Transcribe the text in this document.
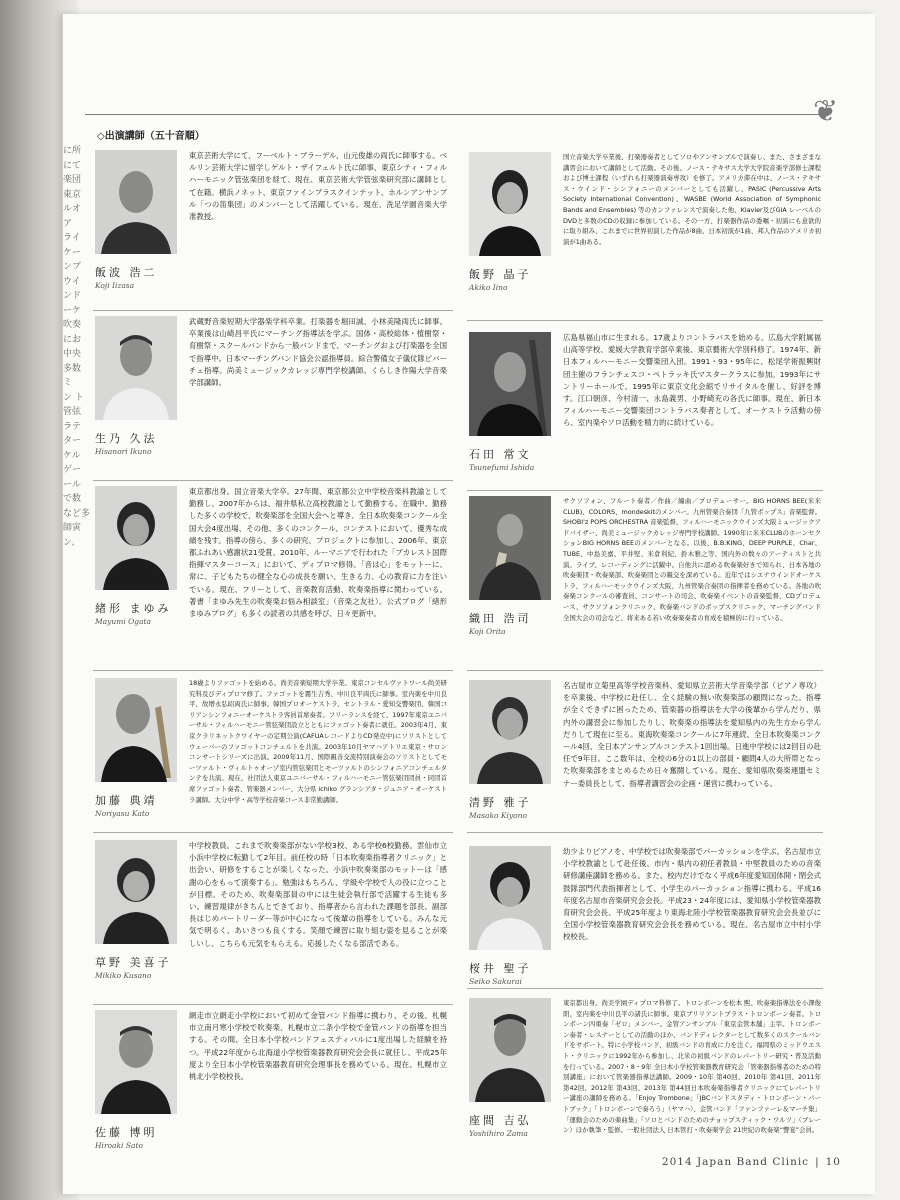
に所
にて
楽団
東京
ルオ
ア
ライ
ケー
ンブ
ウイ
ンド
ーケ
吹奏
にお
中央
多数
ミ
ン ト
管弦
ラテ
ター
ケル
ゲー
ール
で数
など多
師寅
ン、
❦
◇出演講師（五十音順）
飯波 浩二
Koji Iizasa
東京芸術大学にて、フーベルト・ブラーデル、山元俊雄の両氏に師事する。ベルリン芸術大学に留学しゲルト・ザイフェルト氏に師事、東京シティ・フィルハーモニック管弦楽団を経て、現在、東京芸術大学管弦楽研究部に講師として在籍。横浜ノネット、東京ファインブラスクインテット、ホルンアンサンブル「つの笛集団」のメンバーとして活躍している。現在、洗足学園音楽大学准教授。
飯野 晶子
Akiko Iino
国立音楽大学卒業後、打楽器奏者としてソロやアンサンブルで演奏し、また、さまざまな講習会において講師として活動。その後、ノース・テキサス大学大学院音楽学部修士課程および博士課程（いずれも打楽器演奏専攻）を修了。アメリカ滞在中は、ノース・テキサス・ウインド・シンフォニーのメンバーとしても活躍し、PASIC (Percussive Arts Society International Convention)、WASBE (World Association of Symphonic Bands and Ensembles) 等のカンファレンスで演奏した他、Klavier及びGIA レーベルのDVDと多数のCDの収録に参加している。その一方、打楽器作品の委嘱・初演にも意欲的に取り組み、これまでに世界初演した作品が8曲、日本初演が1曲、邦人作品のアメリカ初演が1曲ある。
生乃 久法
Hisanori Ikuno
武蔵野音楽短期大学器楽学科卒業。打楽器を堀田誠、小林美隆両氏に師事。卒業後は山崎昌平氏にマーチング指導法を学ぶ。国体・高校総体・植樹祭・育樹祭・スクールバンドから一般バンドまで、マーチングおよび打楽器を全国で指導中。日本マーチングバンド協会公認指導員。綜合警備女子儀仗隊ピバーチェ指導。尚美ミュージックカレッジ専門学校講師。くらしき作陽大学音楽学部講師。
石田 常文
Tsunefumi Ishida
広島県福山市に生まれる。17歳よりコントラバスを始める。広島大学附属福山高等学校、愛媛大学教育学部卒業後、東京藝術大学別科修了。1974年、新日本フィルハーモニー交響楽団入団。1991・93・95年に、松尾学術振興財団主催のフランチェスコ・ペトラッキ氏マスタークラスに参加。1993年にサントリーホールで、1995年に東京文化会館でリサイタルを催し、好評を博す。江口朝彦、今村清一、永島義男、小野崎充の各氏に師事。現在、新日本フィルハーモニー交響楽団コントラバス奏者として、オーケストラ活動の傍ら、室内楽やソロ活動を精力的に続けている。
緒形 まゆみ
Mayumi Ogata
東京都出身。国立音楽大学卒。27年間、東京都公立中学校音楽科教諭として勤務し、2007年からは、福井県私立高校教諭として勤務する。在職中、勤務した多くの学校で、吹奏楽部を全国大会へと導き、全日本吹奏楽コンクール全国大会4度出場、その他、多くのコンクール、コンテストにおいて、優秀な成績を残す。指導の傍ら、多くの研究、プロジェクトに参加し、2006年、東京都ふれあい感謝状21受賞、2010年、ルーマニアで行われた「ブカレスト国際指揮マスターコース」において、ディプロマ修得。「音は心」をモットーに、常に、子どもたちの健全な心の成長を願い、生きる力、心の教育に力を注いでいる。現在、フリーとして、音楽教育活動、吹奏楽指導に関わっている。著書「まゆみ先生の吹奏楽お悩み相談室」（音楽之友社）。公式ブログ「緒形まゆみブログ」も多くの読者の共感を呼び、日々更新中。	織田 浩司
Koji Orita
サクソフォン、フルート奏者／作曲／編曲／プロデューサー。BIG HORNS BEE(米米CLUB)、COLORS、mondeskitのメンバー。九州管楽合奏団「九管ポップス」音楽監督。SHOBI'z POPS ORCHESTRA 音楽監督、フィルハーモニックウインズ大阪ミュージックアドバイザー、尚美ミュージックカレッジ専門学校講師。1990年に米米CLUBのホーンセクションBIG HORNS BEEのメンバーとなる。以後、B.B.KING、DEEP PURPLE、Char、TUBE、中島美嘉、平井堅、米倉利紀、鈴木雅之等、国内外の数々のアーティストと共演。ライブ、レコーディングに活躍中。自他共に認める吹奏楽好きで知られ、日本各地の吹奏楽団・吹奏楽部、吹奏楽団との親交を深めている。近年ではシエナウインドオーケストラ、フィルハーモックウインズ大阪、九州管楽合奏団の指揮者を務めている。各地の吹奏楽コンクールの審査員、コンサートの司会、吹奏楽イベントの音楽監督、CDプロデュース、サクソフォンクリニック、吹奏楽バンドのポップスクリニック、マーチングバンド全国大会の司会など、将来ある若い吹奏楽奏者の育成を積極的に行っている。
加藤 典靖
Noriyasu Kato
18歳よりファゴットを始める。尚美音楽短期大学卒業。東京コンセルヴァトワール尚美研究科及びディプロマ修了。ファゴットを霧生吉秀、中川良平両氏に師事。室内楽を中川良平、故増永弘昭両氏に師事。韓国プロオーケストラ、セントラル・愛知交響楽団、韓国コリアンシンフォニーオーケストラ客員首席奏者。フリーランスを経て、1997年東京ユニバーサル・フィルハーモニー管弦楽団設立とともにファゴット奏者に就任。2003年4月、東京クラリネットクワイヤーの定期公演(CAFUAレコードよりCD発売中)にソリストとしてウェーバーのファゴットコンチェルトを共演。2003年10月ヤマハアトリエ東京・サロンコンサートシリーズに出演。2009年11月、国際親善交流特別演奏会のソリストとしてモーツァルト・ヴィルトゥオーゾ室内管弦楽団とモーツァルトのシンフォニアコンチェルタンテを共演。現在、社団法人東京ユニバーサル・フィルハーモニー管弦楽団団員・同団首席ファゴット奏者、管楽器メンバー、大分県 ichiko グランシアタ・ジュニア・オーケストラ講師。大分中学・高等学校音楽コース非常勤講師。	清野 雅子
Masako Kiyono
名古屋市立菊里高等学校音楽科、愛知県立芸術大学音楽学部（ピアノ専攻）を卒業後、中学校に赴任し、全く経験の無い吹奏楽部の顧問になった。指導が全くできずに困ったため、管楽器の指導法を大学の後輩から学んだり、県内外の講習会に参加したりし、吹奏楽の指導法を愛知県内の先生方から学んだりして現在に至る。東海吹奏楽コンクールに7年連続、全日本吹奏楽コンクール4回、全日本アンサンブルコンテスト1回出場。日進中学校には2回目の赴任で9年目。ここ数年は、全校の6分の1以上の部員・顧問4人の大所帯となった吹奏楽部をまとめるため日々奮闘している。現在、愛知県吹奏楽連盟セミナー委員長として、指導者講習会の企画・運営に携わっている。
草野 美喜子
Mikiko Kusano
中学校教員。これまで吹奏楽部がない学校3校、ある学校6校勤務。雲仙市立小浜中学校に転勤して2年目。前任校の時「日本吹奏楽指導者クリニック」と出会い、研修をすることが楽しくなった。小浜中吹奏楽部のモットーは「感謝の心をもって演奏する」。勉強はもちろん、学級や学校で人の役に立つことが目標。そのため、吹奏楽部員の中には生徒会執行部で活躍する生徒も多い。練習規律がきちんとできており、指導者から言われた課題を部長、副部長はじめパートリーダー等が中心になって後輩の指導をしている。みんな元気で明るく、あいさつも良くする。笑顔で練習に取り組む姿を見ることが楽しいし、こちらも元気をもらえる。応援したくなる部活である。
桜井 聖子
Seiko Sakurai
幼少よりピアノを、中学校では吹奏楽部でパーカッションを学ぶ。名古屋市立小学校教諭として赴任後、市内・県内の初任者教員・中堅教員のための音楽研修講座講師を務める。また、校内だけでなく平成6年度愛知国体開・閉会式鼓隊部門代表指揮者として、小学生のパーカッション指導に携わる。平成16年度名古屋市音楽研究会会長。平成23・24年度には、愛知県小学校管楽器教育研究会会長、平成25年度より東海北陸小学校管楽器教育研究会会長並びに全国小学校管楽器教育研究会会長を務めている。現在、名古屋市立中村小学校校長。
佐藤 博明
Hiroaki Sato
網走市立網走小学校において初めて金管バンド指導に携わり、その後、札幌市立南月寒小学校で吹奏楽、札幌市立二条小学校で金管バンドの指導を担当する。その間、全日本小学校バンドフェスティバルに1度出場した経験を持つ。平成22年度から北海道小学校管楽器教育研究会会長に就任し、平成25年度より全日本小学校管楽器教育研究会理事長を務めている。現在、札幌市立桃北小学校校長。
座間 吉弘
Yoshihiro Zama
東京都出身。尚美学園ディプロマ科修了。トロンボーンを松本 熙、吹奏楽指導法を小澤俊朗、室内楽を中川良平の諸氏に師事。東京ブリリアントブラス・トロンボーン奏者。トロンボーン四重奏「ゼロ」メンバー。金管アンサンブル「東京金管本舗」主宰。トロンボーン奏者・レスナーとしての活動のほか、バンドディレクターとして数多くのスクールバンドをサポート。特に小学校バンド、初級バンドの育成に力を注ぐ。福岡県のミッドウエスト・クリニックに1992年から参加し、北米の初級バンドのレパートリー研究・普及活動を行っている。2007・8・9年 全日本小学校管楽器教育研究会「管楽器指導者のための特別講座」において管楽器指導法講師。2009・10年 第40回、2010年 第41回、2011年 第42回、2012年 第43回、2013年 第44回日本吹奏楽指導者クリニックにてレパートリー講座の講師を務める。「Enjoy Trombone」「JBCバンドスタディ・トロンボーン・パートブック」「トロンボーンで奏ろう」（ヤマハ）、金管バンド「ファンファーレ＆マーチ集」「運動会のための楽曲集」「ソロとバンドのためのチョップスティック・ワルツ」（ブレーン）ほか執筆・監修。一般社団法人 日本管打・吹奏楽学会 21世紀の吹奏楽“響宴”会員。
2014 Japan Band Clinic | 10
